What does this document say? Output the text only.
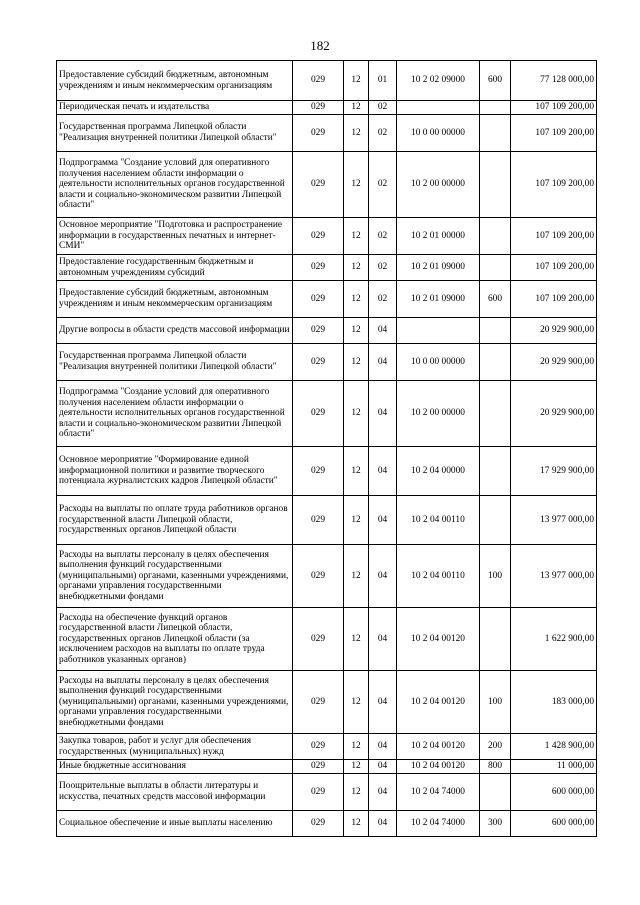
182
Предоставление субсидий бюджетным, автономным учреждениям и иным некоммерческим организациям	029	12	01	10 2 02 09000	600	77 128 000,00
Периодическая печать и издательства	029	12	02			107 109 200,00
Государственная программа Липецкой области "Реализация внутренней политики Липецкой области"	029	12	02	10 0 00 00000		107 109 200,00
Подпрограмма "Создание условий для оперативного получения населением области информации о деятельности исполнительных органов государственной власти и социально-экономическом развитии Липецкой области"	029	12	02	10 2 00 00000		107 109 200,00
Основное мероприятие "Подготовка и распространение информации в государственных печатных и интернет-СМИ"	029	12	02	10 2 01 00000		107 109 200,00
Предоставление государственным бюджетным и автономным учреждениям субсидий	029	12	02	10 2 01 09000		107 109 200,00
Предоставление субсидий бюджетным, автономным учреждениям и иным некоммерческим организациям	029	12	02	10 2 01 09000	600	107 109 200,00
Другие вопросы в области средств массовой информации	029	12	04			20 929 900,00
Государственная программа Липецкой области "Реализация внутренней политики Липецкой области"	029	12	04	10 0 00 00000		20 929 900,00
Подпрограмма "Создание условий для оперативного получения населением области информации о деятельности исполнительных органов государственной власти и социально-экономическом развитии Липецкой области"	029	12	04	10 2 00 00000		20 929 900,00
Основное мероприятие "Формирование единой информационной политики и развитие творческого потенциала журналистских кадров Липецкой области"	029	12	04	10 2 04 00000		17 929 900,00
Расходы на выплаты по оплате труда работников органов государственной власти Липецкой области, государственных органов Липецкой области	029	12	04	10 2 04 00110		13 977 000,00
Расходы на выплаты персоналу в целях обеспечения выполнения функций государственными (муниципальными) органами, казенными учреждениями, органами управления государственными внебюджетными фондами	029	12	04	10 2 04 00110	100	13 977 000,00
Расходы на обеспечение функций органов государственной власти Липецкой области, государственных органов Липецкой области (за исключением расходов на выплаты по оплате труда работников указанных органов)	029	12	04	10 2 04 00120		1 622 900,00
Расходы на выплаты персоналу в целях обеспечения выполнения функций государственными (муниципальными) органами, казенными учреждениями, органами управления государственными внебюджетными фондами	029	12	04	10 2 04 00120	100	183 000,00
Закупка товаров, работ и услуг для обеспечения государственных (муниципальных) нужд	029	12	04	10 2 04 00120	200	1 428 900,00
Иные бюджетные ассигнования	029	12	04	10 2 04 00120	800	11 000,00
Поощрительные выплаты в области литературы и искусства, печатных средств массовой информации	029	12	04	10 2 04 74000		600 000,00
Социальное обеспечение и иные выплаты населению	029	12	04	10 2 04 74000	300	600 000,00
